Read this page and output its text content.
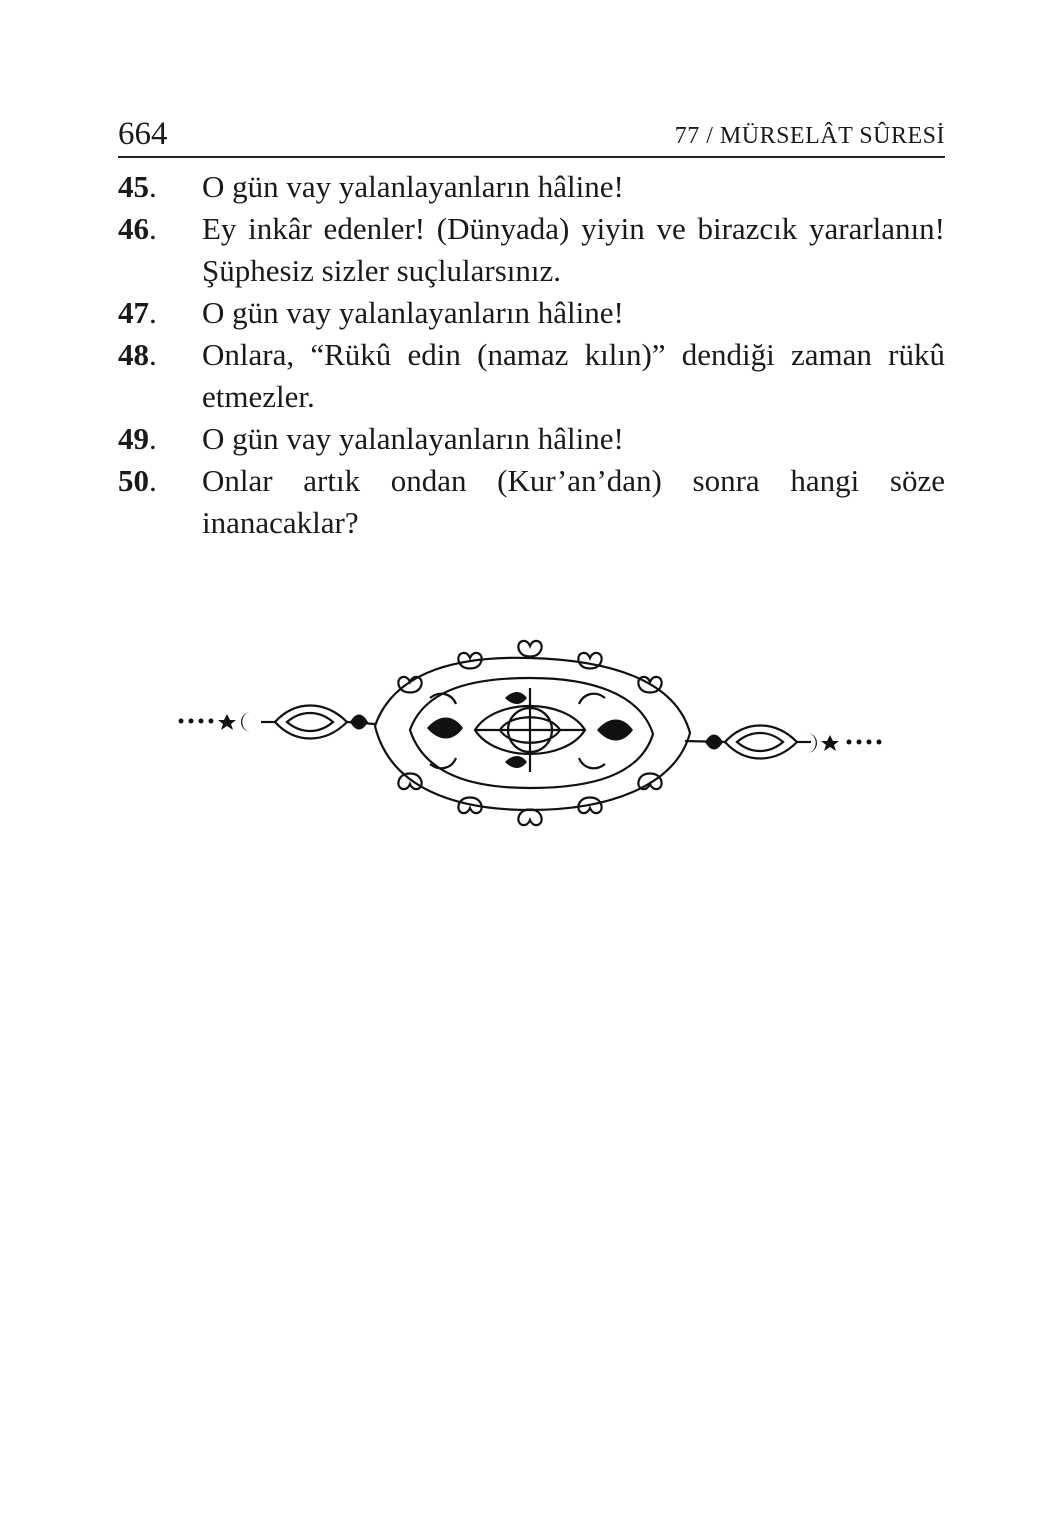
664	77 / MÜRSELÂT SÛRESİ
45.	O gün vay yalanlayanların hâline!
46.	Ey inkâr edenler! (Dünyada) yiyin ve birazcık yararlanın! Şüphesiz sizler suçlularsınız.
47.	O gün vay yalanlayanların hâline!
48.	Onlara, “Rükû edin (namaz kılın)” dendiği zaman rükû etmezler.
49.	O gün vay yalanlayanların hâline!
50.	Onlar artık ondan (Kur’an’dan) sonra hangi söze inanacaklar?
